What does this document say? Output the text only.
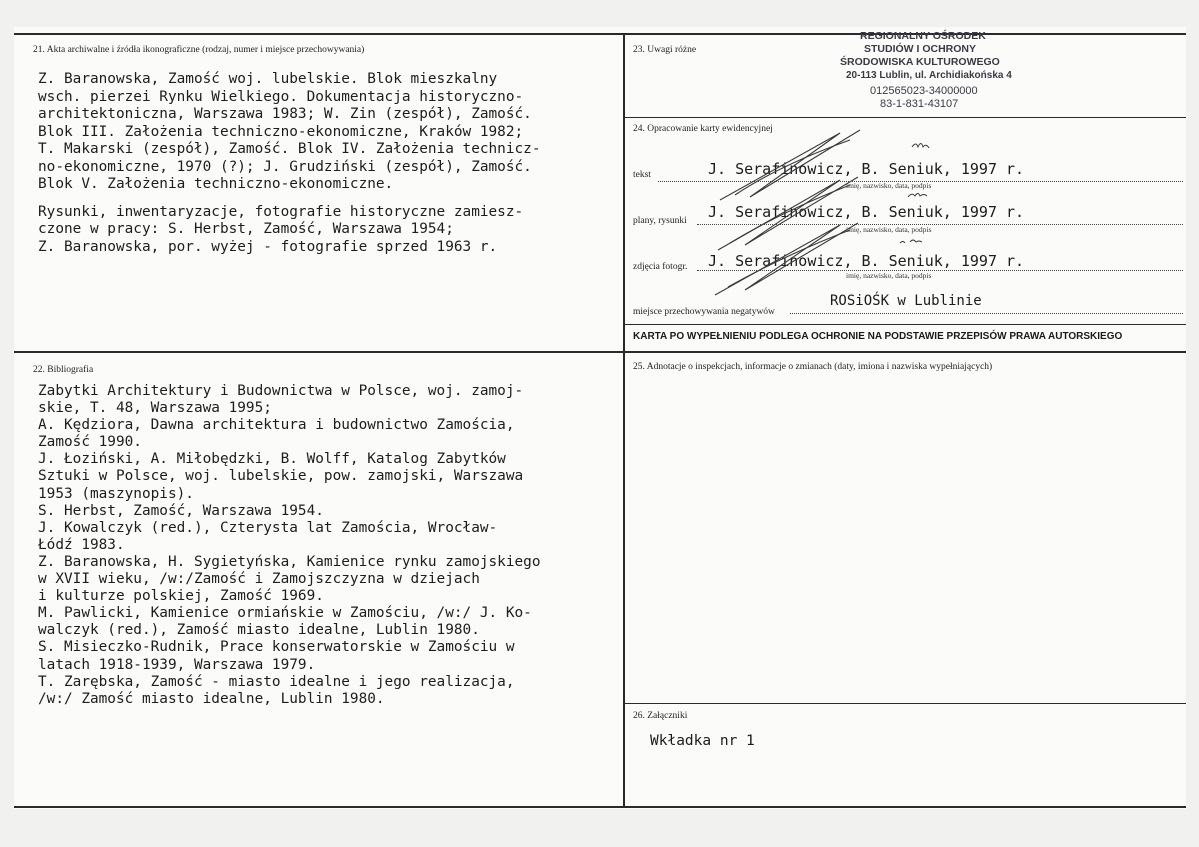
21. Akta archiwalne i źródła ikonograficzne (rodzaj, numer i miejsce przechowywania)
Z. Baranowska, Zamość woj. lubelskie. Blok mieszkalny
wsch. pierzei Rynku Wielkiego. Dokumentacja historyczno-
architektoniczna, Warszawa 1983; W. Zin (zespół), Zamość.
Blok III. Założenia techniczno-ekonomiczne, Kraków 1982;
T. Makarski (zespół), Zamość. Blok IV. Założenia technicz-
no-ekonomiczne, 1970 (?); J. Grudziński (zespół), Zamość.
Blok V. Założenia techniczno-ekonomiczne.
Rysunki, inwentaryzacje, fotografie historyczne zamiesz-
czone w pracy: S. Herbst, Zamość, Warszawa 1954;
Z. Baranowska, por. wyżej - fotografie sprzed 1963 r.
22. Bibliografia
Zabytki Architektury i Budownictwa w Polsce, woj. zamoj-
skie, T. 48, Warszawa 1995;
A. Kędziora, Dawna architektura i budownictwo Zamościa,
Zamość 1990.
J. Łoziński, A. Miłobędzki, B. Wolff, Katalog Zabytków
Sztuki w Polsce, woj. lubelskie, pow. zamojski, Warszawa
1953 (maszynopis).
S. Herbst, Zamość, Warszawa 1954.
J. Kowalczyk (red.), Czterysta lat Zamościa, Wrocław-
Łódź 1983.
Z. Baranowska, H. Sygietyńska, Kamienice rynku zamojskiego
w XVII wieku, /w:/Zamość i Zamojszczyzna w dziejach
i kulturze polskiej, Zamość 1969.
M. Pawlicki, Kamienice ormiańskie w Zamościu, /w:/ J. Ko-
walczyk (red.), Zamość miasto idealne, Lublin 1980.
S. Misieczko-Rudnik, Prace konserwatorskie w Zamościu w
latach 1918-1939, Warszawa 1979.
T. Zarębska, Zamość - miasto idealne i jego realizacja,
/w:/ Zamość miasto idealne, Lublin 1980.
23. Uwagi różne
REGIONALNY OŚRODEK
STUDIÓW I OCHRONY
ŚRODOWISKA KULTUROWEGO
20-113 Lublin, ul. Archidiakońska 4
012565023-34000000
83-1-831-43107
24. Opracowanie karty ewidencyjnej
tekst	J. Serafinowicz, B. Seniuk, 1997 r.
imię, nazwisko, data, podpis
plany, rysunki J. Serafinowicz, B. Seniuk, 1997 r.
imię, nazwisko, data, podpis
zdjęcia fotogr. J. Serafinowicz, B. Seniuk, 1997 r.
imię, nazwisko, data, podpis
miejsce przechowywania negatywów
ROSiOŚK w Lublinie
KARTA PO WYPEŁNIENIU PODLEGA OCHRONIE NA PODSTAWIE PRZEPISÓW PRAWA AUTORSKIEGO
25. Adnotacje o inspekcjach, informacje o zmianach (daty, imiona i nazwiska wypełniających)
26. Załączniki
Wkładka nr 1
